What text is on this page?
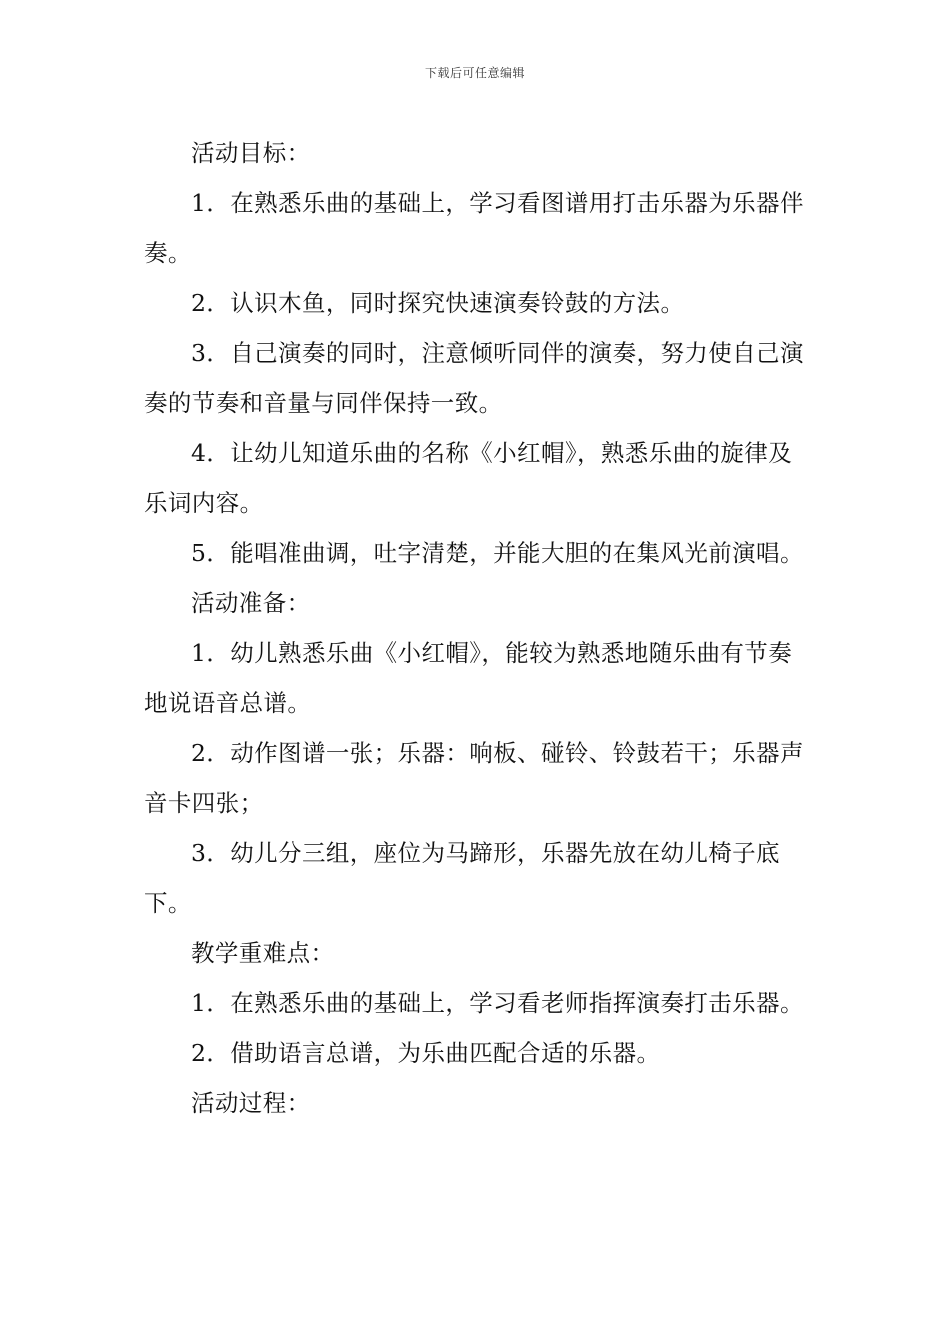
下载后可任意编辑

活动目标：

1．在熟悉乐曲的基础上，学习看图谱用打击乐器为乐器伴奏。

2．认识木鱼，同时探究快速演奏铃鼓的方法。

3．自己演奏的同时，注意倾听同伴的演奏，努力使自己演奏的节奏和音量与同伴保持一致。

4．让幼儿知道乐曲的名称《小红帽》，熟悉乐曲的旋律及乐词内容。

5．能唱准曲调，吐字清楚，并能大胆的在集风光前演唱。

活动准备：

1．幼儿熟悉乐曲《小红帽》，能较为熟悉地随乐曲有节奏地说语音总谱。

2．动作图谱一张；乐器：响板、碰铃、铃鼓若干；乐器声音卡四张；

3．幼儿分三组，座位为马蹄形，乐器先放在幼儿椅子底下。

教学重难点：

1．在熟悉乐曲的基础上，学习看老师指挥演奏打击乐器。

2．借助语言总谱，为乐曲匹配合适的乐器。

活动过程：
